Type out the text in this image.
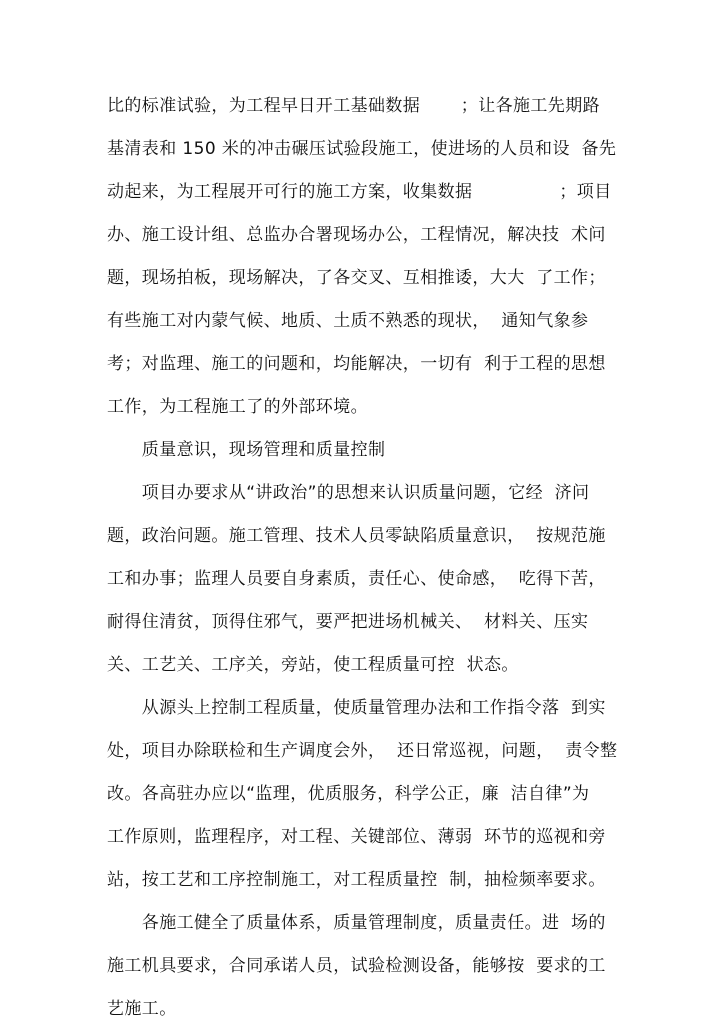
比的标准试验，为工程早日开工基础数据 　　；让各施工先期路
基清表和 150 米的冲击碾压试验段施工，使进场的人员和设  备先
动起来，为工程展开可行的施工方案，收集数据　　　　　；项目
办、施工设计组、总监办合署现场办公，工程情况，解决技  术问
题，现场拍板，现场解决，了各交叉、互相推诿，大大  了工作；
有些施工对内蒙气候、地质、土质不熟悉的现状，  通知气象参
考；对监理、施工的问题和，均能解决，一切有  利于工程的思想
工作，为工程施工了的外部环境。
　　质量意识，现场管理和质量控制
　　项目办要求从“讲政治”的思想来认识质量问题，它经  济问
题，政治问题。施工管理、技术人员零缺陷质量意识，  按规范施
工和办事；监理人员要自身素质，责任心、使命感，  吃得下苦，
耐得住清贫，顶得住邪气，要严把进场机械关、  材料关、压实
关、工艺关、工序关，旁站，使工程质量可控  状态。
　　从源头上控制工程质量，使质量管理办法和工作指令落  到实
处，项目办除联检和生产调度会外，  还日常巡视，问题，  责令整
改。各高驻办应以“监理，优质服务，科学公正，廉  洁自律”为
工作原则，监理程序，对工程、关键部位、薄弱  环节的巡视和旁
站，按工艺和工序控制施工，对工程质量控  制，抽检频率要求。
　　各施工健全了质量体系，质量管理制度，质量责任。进  场的
施工机具要求，合同承诺人员，试验检测设备，能够按  要求的工
艺施工。
